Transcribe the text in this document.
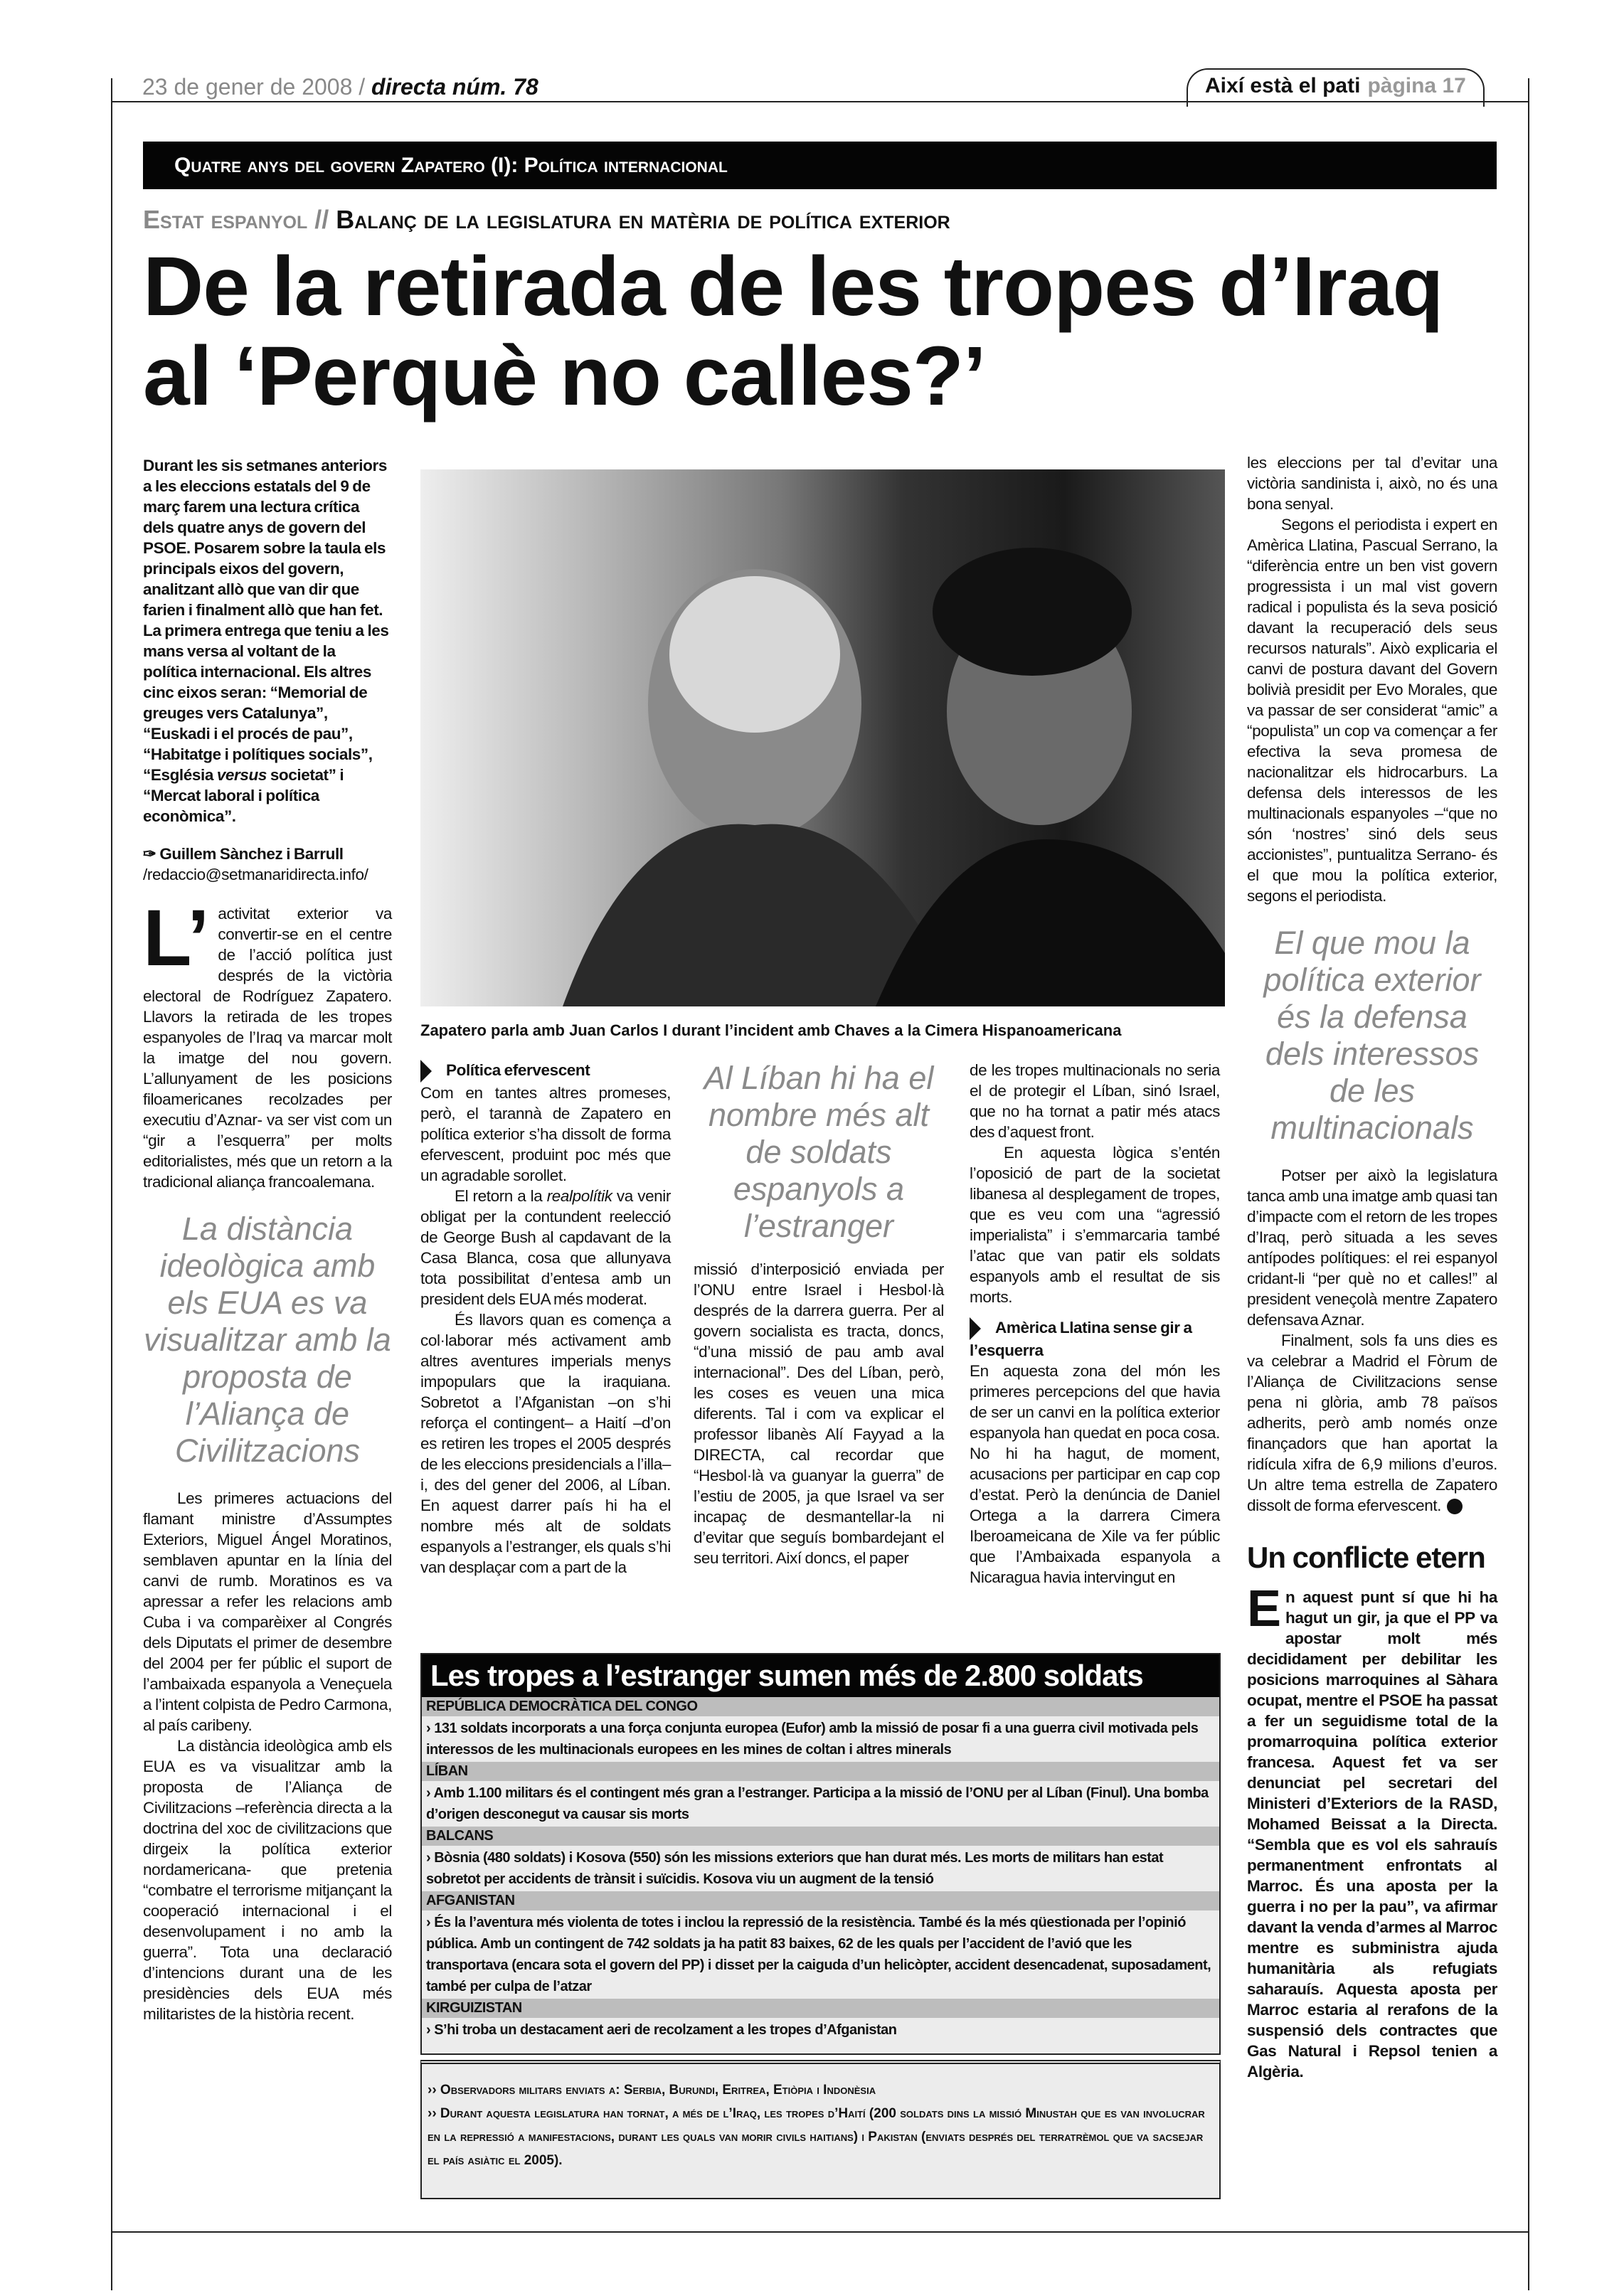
23 de gener de 2008 / directa núm. 78	Així està el pati pàgina 17
Quatre anys del govern Zapatero (I): Política internacional
Estat espanyol // Balanç de la legislatura en matèria de política exterior
De la retirada de les tropes d’Iraq al ‘Perquè no calles?’

Durant les sis setmanes anteriors a les eleccions estatals del 9 de març farem una lectura crítica dels quatre anys de govern del PSOE. Posarem sobre la taula els principals eixos del govern, analitzant allò que van dir que farien i finalment allò que han fet. La primera entrega que teniu a les mans versa al voltant de la política internacional. Els altres cinc eixos seran: “Memorial de greuges vers Catalunya”, “Euskadi i el procés de pau”, “Habitatge i polítiques socials”, “Església versus societat” i “Mercat laboral i política econòmica”.

✑ Guillem Sànchez i Barrull

/redaccio@setmanaridirecta.info/

L’ activitat exterior va convertir-se en el centre de l’acció política just després de la victòria electoral de Rodríguez Zapatero. Llavors la retirada de les tropes espanyoles de l’Iraq va marcar molt la imatge del nou govern. L’allunyament de les posicions filoamericanes recolzades per executiu d’Aznar- va ser vist com un “gir a l’esquerra” per molts editorialistes, més que un retorn a la tradicional aliança francoalemana.

La distància ideològica amb els EUA es va visualitzar amb la proposta de l’Aliança de Civilitzacions

Les primeres actuacions del flamant ministre d’Assumptes Exteriors, Miguel Ángel Moratinos, semblaven apuntar en la línia del canvi de rumb. Moratinos es va apressar a refer les relacions amb Cuba i va comparèixer al Congrés dels Diputats el primer de desembre del 2004 per fer públic el suport de l’ambaixada espanyola a Veneçuela a l’intent colpista de Pedro Carmona, al país caribeny.

La distància ideològica amb els EUA es va visualitzar amb la proposta de l’Aliança de Civilitzacions –referència directa a la doctrina del xoc de civilitzacions que dirgeix la política exterior nordamericana- que pretenia “combatre el terrorisme mitjançant la cooperació internacional i el desenvolupament i no amb la guerra”. Tota una declaració d’intencions durant una de les presidències dels EUA més militaristes de la història recent.

Zapatero parla amb Juan Carlos I durant l’incident amb Chaves a la Cimera Hispanoamericana

Política efervescent

Com en tantes altres promeses, però, el tarannà de Zapatero en política exterior s’ha dissolt de forma efervescent, produint poc més que un agradable sorollet.

El retorn a la realpolítik va venir obligat per la contundent reelecció de George Bush al capdavant de la Casa Blanca, cosa que allunyava tota possibilitat d’entesa amb un president dels EUA més moderat.

És llavors quan es comença a col·laborar més activament amb altres aventures imperials menys impopulars que la iraquiana. Sobretot a l’Afganistan –on s’hi reforça el contingent– a Haití –d’on es retiren les tropes el 2005 després de les eleccions presidencials a l’illa– i, des del gener del 2006, al Líban. En aquest darrer país hi ha el nombre més alt de soldats espanyols a l’estranger, els quals s’hi van desplaçar com a part de la

Al Líban hi ha el nombre més alt de soldats espanyols a l’estranger

missió d’interposició enviada per l’ONU entre Israel i Hesbol·là després de la darrera guerra. Per al govern socialista es tracta, doncs, “d’una missió de pau amb aval internacional”. Des del Líban, però, les coses es veuen una mica diferents. Tal i com va explicar el professor libanès Alí Fayyad a la DIRECTA, cal recordar que “Hesbol·là va guanyar la guerra” de l’estiu de 2005, ja que Israel va ser incapaç de desmantellar-la ni d’evitar que seguís bombardejant el seu territori. Així doncs, el paper

de les tropes multinacionals no seria el de protegir el Líban, sinó Israel, que no ha tornat a patir més atacs des d’aquest front.

En aquesta lògica s’entén l’oposició de part de la societat libanesa al desplegament de tropes, que es veu com una “agressió imperialista” i s’emmarcaria també l’atac que van patir els soldats espanyols amb el resultat de sis morts.

Amèrica Llatina sense gir a l’esquerra

En aquesta zona del món les primeres percepcions del que havia de ser un canvi en la política exterior espanyola han quedat en poca cosa. No hi ha hagut, de moment, acusacions per participar en cap cop d’estat. Però la denúncia de Daniel Ortega a la darrera Cimera Iberoameicana de Xile va fer públic que l’Ambaixada espanyola a Nicaragua havia intervingut en

les eleccions per tal d’evitar una victòria sandinista i, això, no és una bona senyal.

Segons el periodista i expert en Amèrica Llatina, Pascual Serrano, la “diferència entre un ben vist govern progressista i un mal vist govern radical i populista és la seva posició davant la recuperació dels seus recursos naturals”. Això explicaria el canvi de postura davant del Govern bolivià presidit per Evo Morales, que va passar de ser considerat “amic” a “populista” un cop va començar a fer efectiva la seva promesa de nacionalitzar els hidrocarburs. La defensa dels interessos de les multinacionals espanyoles –“que no són ‘nostres’ sinó dels seus accionistes”, puntualitza Serrano- és el que mou la política exterior, segons el periodista.

El que mou la política exterior és la defensa dels interessos de les multinacionals

Potser per això la legislatura tanca amb una imatge amb quasi tan d’impacte com el retorn de les tropes d’Iraq, però situada a les seves antípodes polítiques: el rei espanyol cridant-li “per què no et calles!” al president veneçolà mentre Zapatero defensava Aznar.

Finalment, sols fa uns dies es va celebrar a Madrid el Fòrum de l’Aliança de Civilitzacions sense pena ni glòria, amb 78 països adherits, però amb només onze finançadors que han aportat la ridícula xifra de 6,9 milions d’euros. Un altre tema estrella de Zapatero dissolt de forma efervescent.

Un conflicte etern

En aquest punt sí que hi ha hagut un gir, ja que el PP va apostar molt més decididament per debilitar les posicions marroquines al Sàhara ocupat, mentre el PSOE ha passat a fer un seguidisme total de la promarroquina política exterior francesa. Aquest fet va ser denunciat pel secretari del Ministeri d’Exteriors de la RASD, Mohamed Beissat a la Directa. “Sembla que es vol els sahrauís permanentment enfrontats al Marroc. És una aposta per la guerra i no per la pau”, va afirmar davant la venda d’armes al Marroc mentre es subministra ajuda humanitària als refugiats saharauís. Aquesta aposta per Marroc estaria al rerafons de la suspensió dels contractes que Gas Natural i Repsol tenien a Algèria.

Les tropes a l’estranger sumen més de 2.800 soldats
REPÚBLICA DEMOCRÀTICA DEL CONGO
› 131 soldats incorporats a una força conjunta europea (Eufor) amb la missió de posar fi a una guerra civil motivada pels interessos de les multinacionals europees en les mines de coltan i altres minerals
LÍBAN
› Amb 1.100 militars és el contingent més gran a l’estranger. Participa a la missió de l’ONU per al Líban (Finul). Una bomba d’origen desconegut va causar sis morts
BALCANS
› Bòsnia (480 soldats) i Kosova (550) són les missions exteriors que han durat més. Les morts de militars han estat sobretot per accidents de trànsit i suïcidis. Kosova viu un augment de la tensió
AFGANISTAN
› És la l’aventura més violenta de totes i inclou la repressió de la resistència. També és la més qüestionada per l’opinió pública. Amb un contingent de 742 soldats ja ha patit 83 baixes, 62 de les quals per l’accident de l’avió que les transportava (encara sota el govern del PP) i disset per la caiguda d’un helicòpter, accident desencadenat, suposadament, també per culpa de l’atzar
KIRGUIZISTAN
› S’hi troba un destacament aeri de recolzament a les tropes d’Afganistan
›› Observadors militars enviats a: Serbia, Burundi, Eritrea, Etiòpia i Indonèsia
›› Durant aquesta legislatura han tornat, a més de l’Iraq, les tropes d’Haití (200 soldats dins la missió Minustah que es van involucrar en la repressió a manifestacions, durant les quals van morir civils haitians) i Pakistan (enviats després del terratrèmol que va sacsejar el país asiàtic el 2005).
